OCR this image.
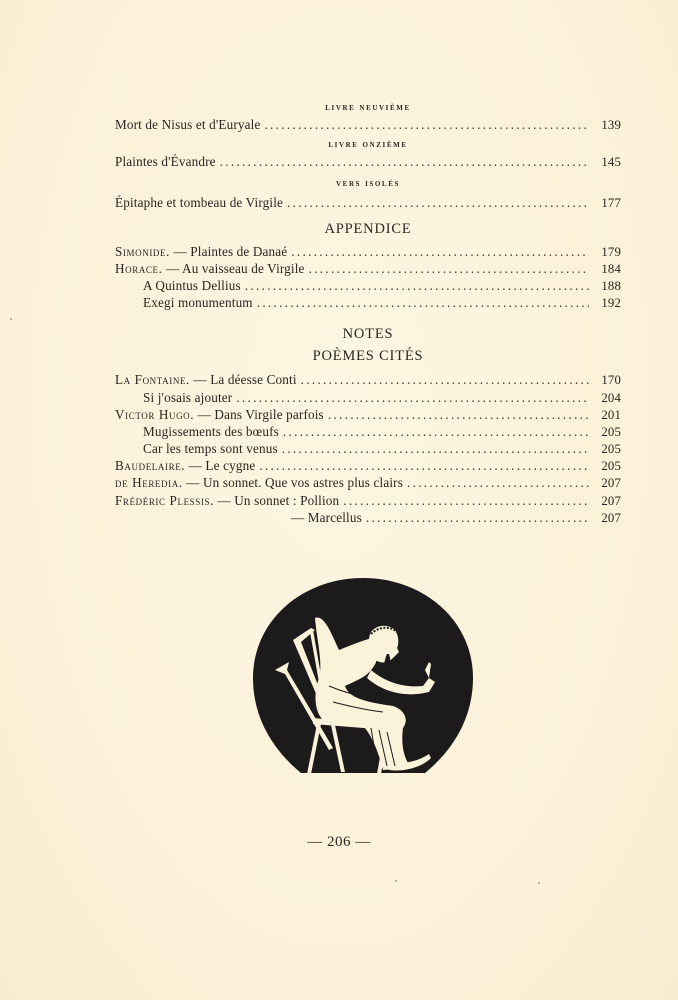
livre neuvième
Mort de Nisus et d'Euryale .....	139
livre onzième
Plaintes d'Évandre .....	145
vers isolés
Épitaphe et tombeau de Virgile .....	177
APPENDICE
Simonide. — Plaintes de Danaé .....	179
Horace. — Au vaisseau de Virgile .....	184
A Quintus Dellius .....	188
Exegi monumentum .....	192
NOTES
POÈMES CITÉS
La Fontaine. — La déesse Conti .....	170
Si j'osais ajouter .....	204
Victor Hugo. — Dans Virgile parfois .....	201
Mugissements des bœufs .....	205
Car les temps sont venus .....	205
Baudelaire. — Le cygne .....	205
de Heredia. — Un sonnet. Que vos astres plus clairs .....	207
Frédéric Plessis. — Un sonnet : Pollion .....	207
— Marcellus .....	207
— 206 —
